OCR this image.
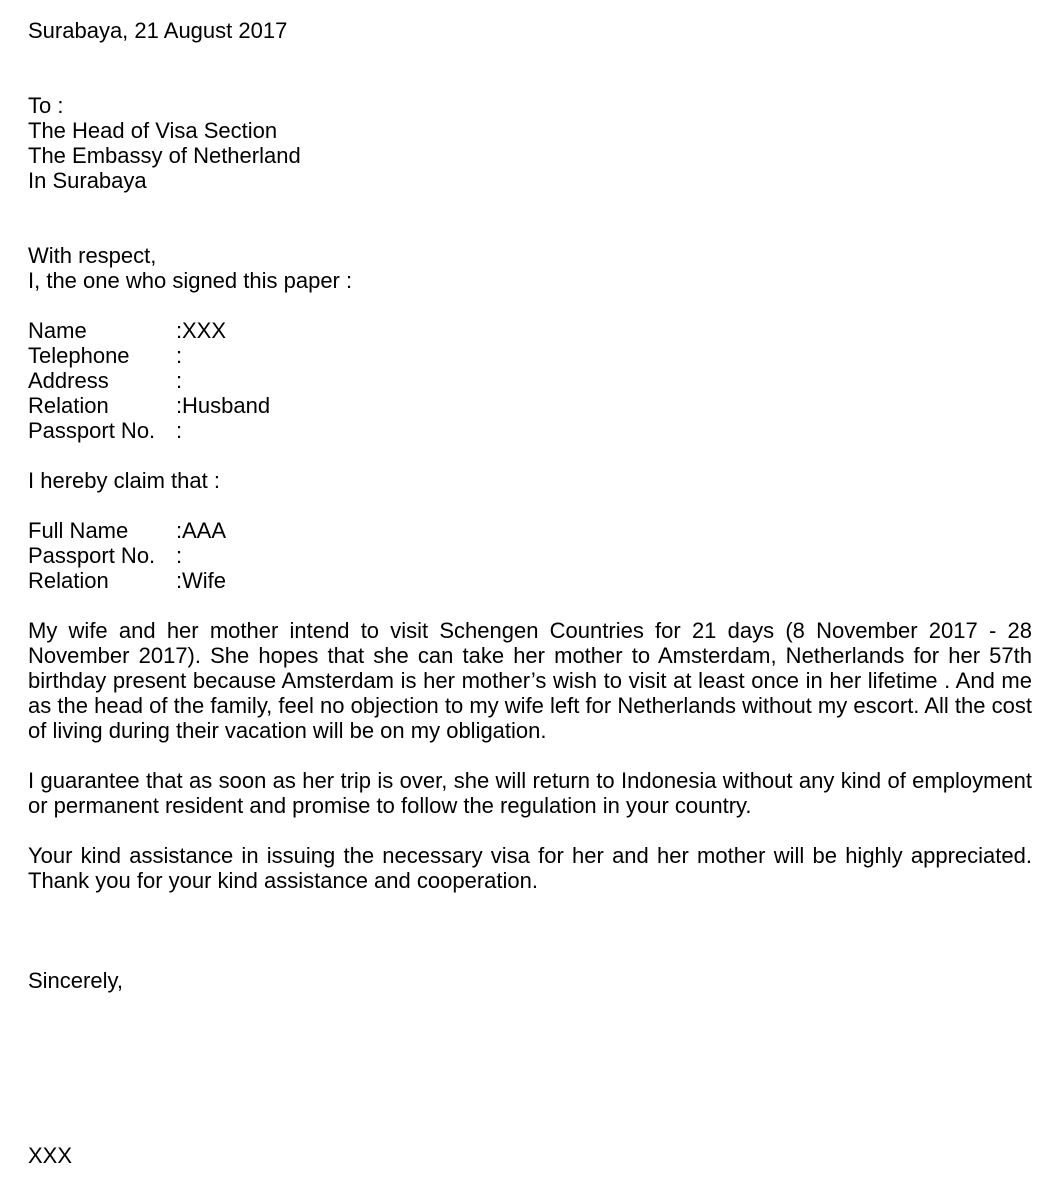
Surabaya, 21 August 2017
To :
The Head of Visa Section
The Embassy of Netherland
In Surabaya
With respect,
I, the one who signed this paper :
Name	:XXX
Telephone :
Address	:
Relation	:Husband
Passport No. :
I hereby claim that :
Full Name :AAA
Passport No. :
Relation	:Wife
My wife and her mother intend to visit Schengen Countries for 21 days (8 November 2017 - 28 November 2017). She hopes that she can take her mother to Amsterdam, Netherlands for her 57th birthday present because Amsterdam is her mother’s wish to visit at least once in her lifetime . And me as the head of the family, feel no objection to my wife left for Netherlands without my escort. All the cost of living during their vacation will be on my obligation.
I guarantee that as soon as her trip is over, she will return to Indonesia without any kind of employment or permanent resident and promise to follow the regulation in your country.
Your kind assistance in issuing the necessary visa for her and her mother will be highly appreciated. Thank you for your kind assistance and cooperation.
Sincerely,
XXX
